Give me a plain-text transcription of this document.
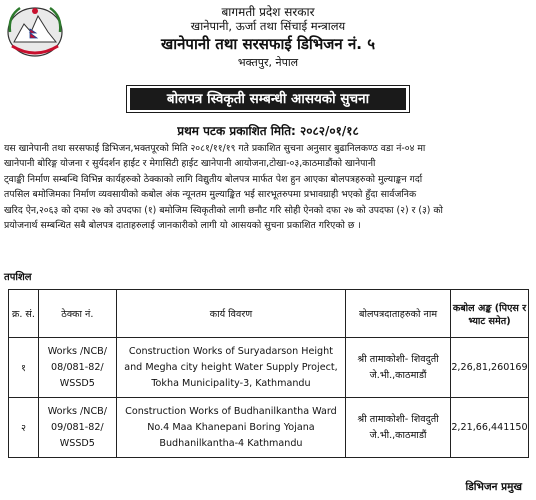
बागमती प्रदेश सरकार
खानेपानी, ऊर्जा तथा सिंचाई मन्त्रालय
खानेपानी तथा सरसफाई डिभिजन नं. ५
भक्तपुर, नेपाल
बोलपत्र स्विकृती सम्बन्धी आसयको सुचना
प्रथम पटक प्रकाशित मिति: २०८२/०१/१८
यस खानेपानी तथा सरसफाई डिभिजन,भक्तपूरको मिति २०८१/११/१९ गते प्रकाशित सुचना अनुसार बुढानिलकण्ठ वडा नं-०४ मा
खानेपानी बोरिङ्ग योजना र सुर्यदर्शन हाईट र मेगासिटी हाईट खानेपानी आयोजना,टोखा-०३,काठमाडौंको खानेपानी
ट्वाङ्की निर्माण सम्बन्धि विभिन्न कार्यहरुको ठेक्काको लागि विद्युतीय बोलपत्र मार्फत पेश हुन आएका बोलपत्रहरुको मुल्याङ्कन गर्दा
तपसिल बमोजिमका निर्माण व्यवसायीको कबोल अंक न्यूनतम मुल्याङ्कित भई सारभूतरुपमा प्रभावग्राही भएको हुँदा सार्वजनिक
खरिद ऐन,२०६३ को दफा २७ को उपदफा (१) बमोजिम स्विकृतीको लागी छनौट गरि सोही ऐनको दफा २७ को उपदफा (२) र (३) को
प्रयोजनार्थ सम्बन्धित सबै बोलपत्र दाताहरुलाई जानकारीको लागी यो आसयको सुचना प्रकाशित गरिएको छ ।
तपशिल
क्र. सं.	ठेक्का नं.	कार्य विवरण	बोलपत्रदाताहरुको नाम	कबोल अङ्क (पिएस र भ्याट समेत)
१	Works /NCB/ 08/081-82/ WSSD5	Construction Works of Suryadarson Height and Megha city height Water Supply Project, Tokha Municipality-3, Kathmandu	श्री तामाकोशी- शिवदुती जे.भी.,काठमाडौं	2,26,81,260169
२	Works /NCB/ 09/081-82/ WSSD5	Construction Works of Budhanilkantha Ward No.4 Maa Khanepani Boring Yojana Budhanilkantha-4 Kathmandu	श्री तामाकोशी- शिवदुती जे.भी.,काठमाडौं	2,21,66,441150
डिभिजन प्रमुख
